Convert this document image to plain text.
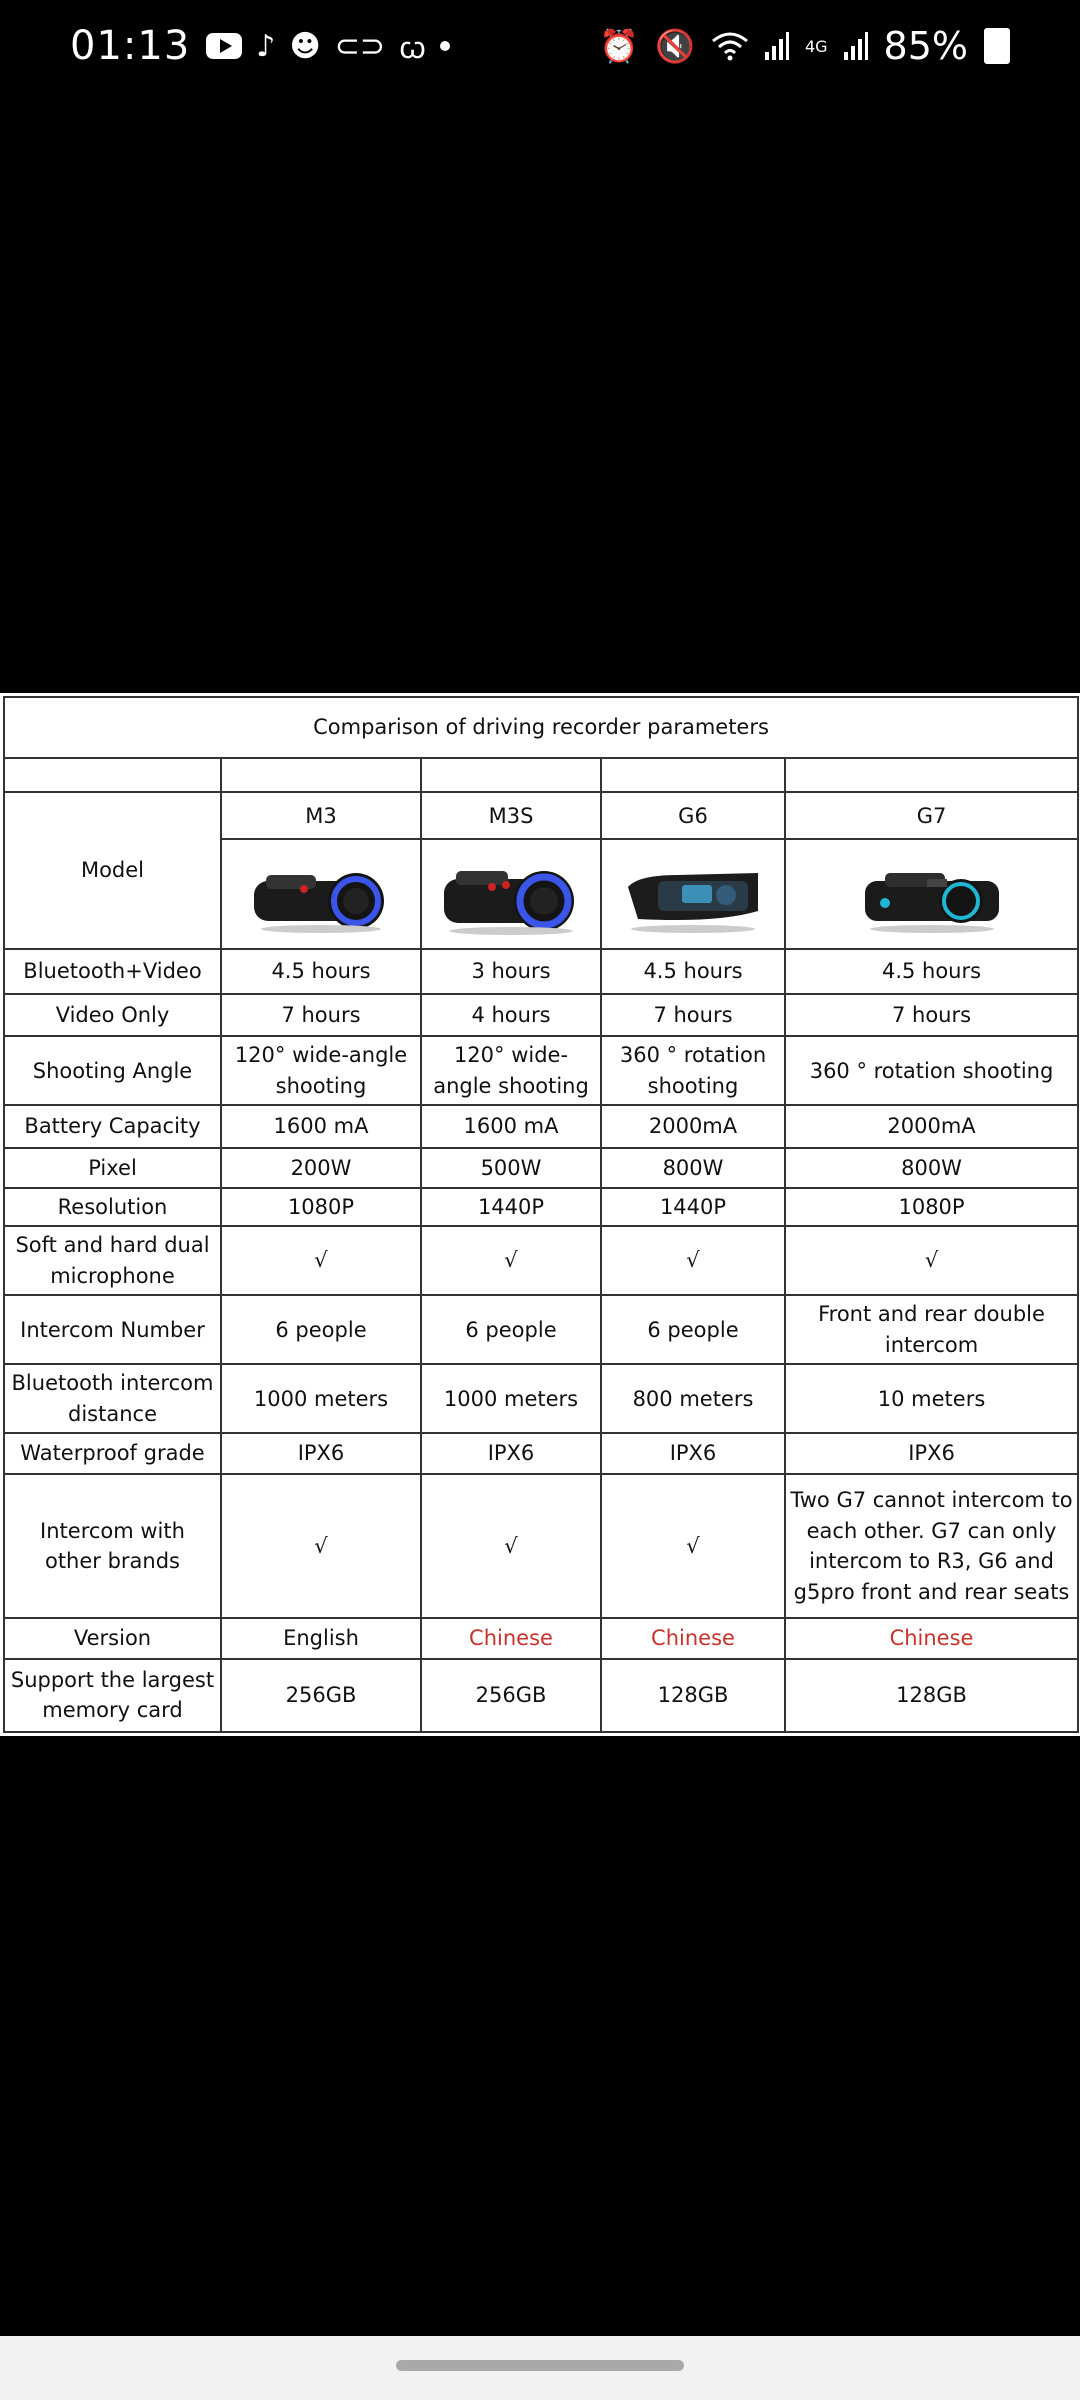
01:13 ♪ ☻ ⊂⊃ ꞷ	⏰ 🔇	4G 85%
Comparison of driving recorder parameters				

Model	M3	M3S	G6	G7

Bluetooth+Video	4.5 hours	3 hours	4.5 hours	4.5 hours
Video Only	7 hours	4 hours	7 hours	7 hours
Shooting Angle	120° wide-angle shooting	120° wide-angle shooting	360 ° rotation shooting	360 ° rotation shooting
Battery Capacity	1600 mA	1600 mA	2000mA	2000mA
Pixel	200W	500W	800W	800W
Resolution	1080P	1440P	1440P	1080P
Soft and hard dual microphone	√	√	√	√
Intercom Number	6 people	6 people	6 people	Front and rear double intercom
Bluetooth intercom distance	1000 meters	1000 meters	800 meters	10 meters
Waterproof grade	IPX6	IPX6	IPX6	IPX6
Intercom with other brands	√	√	√	Two G7 cannot intercom to each other. G7 can only intercom to R3, G6 and g5pro front and rear seats
Version	English	Chinese	Chinese	Chinese
Support the largest memory card	256GB	256GB	128GB	128GB
